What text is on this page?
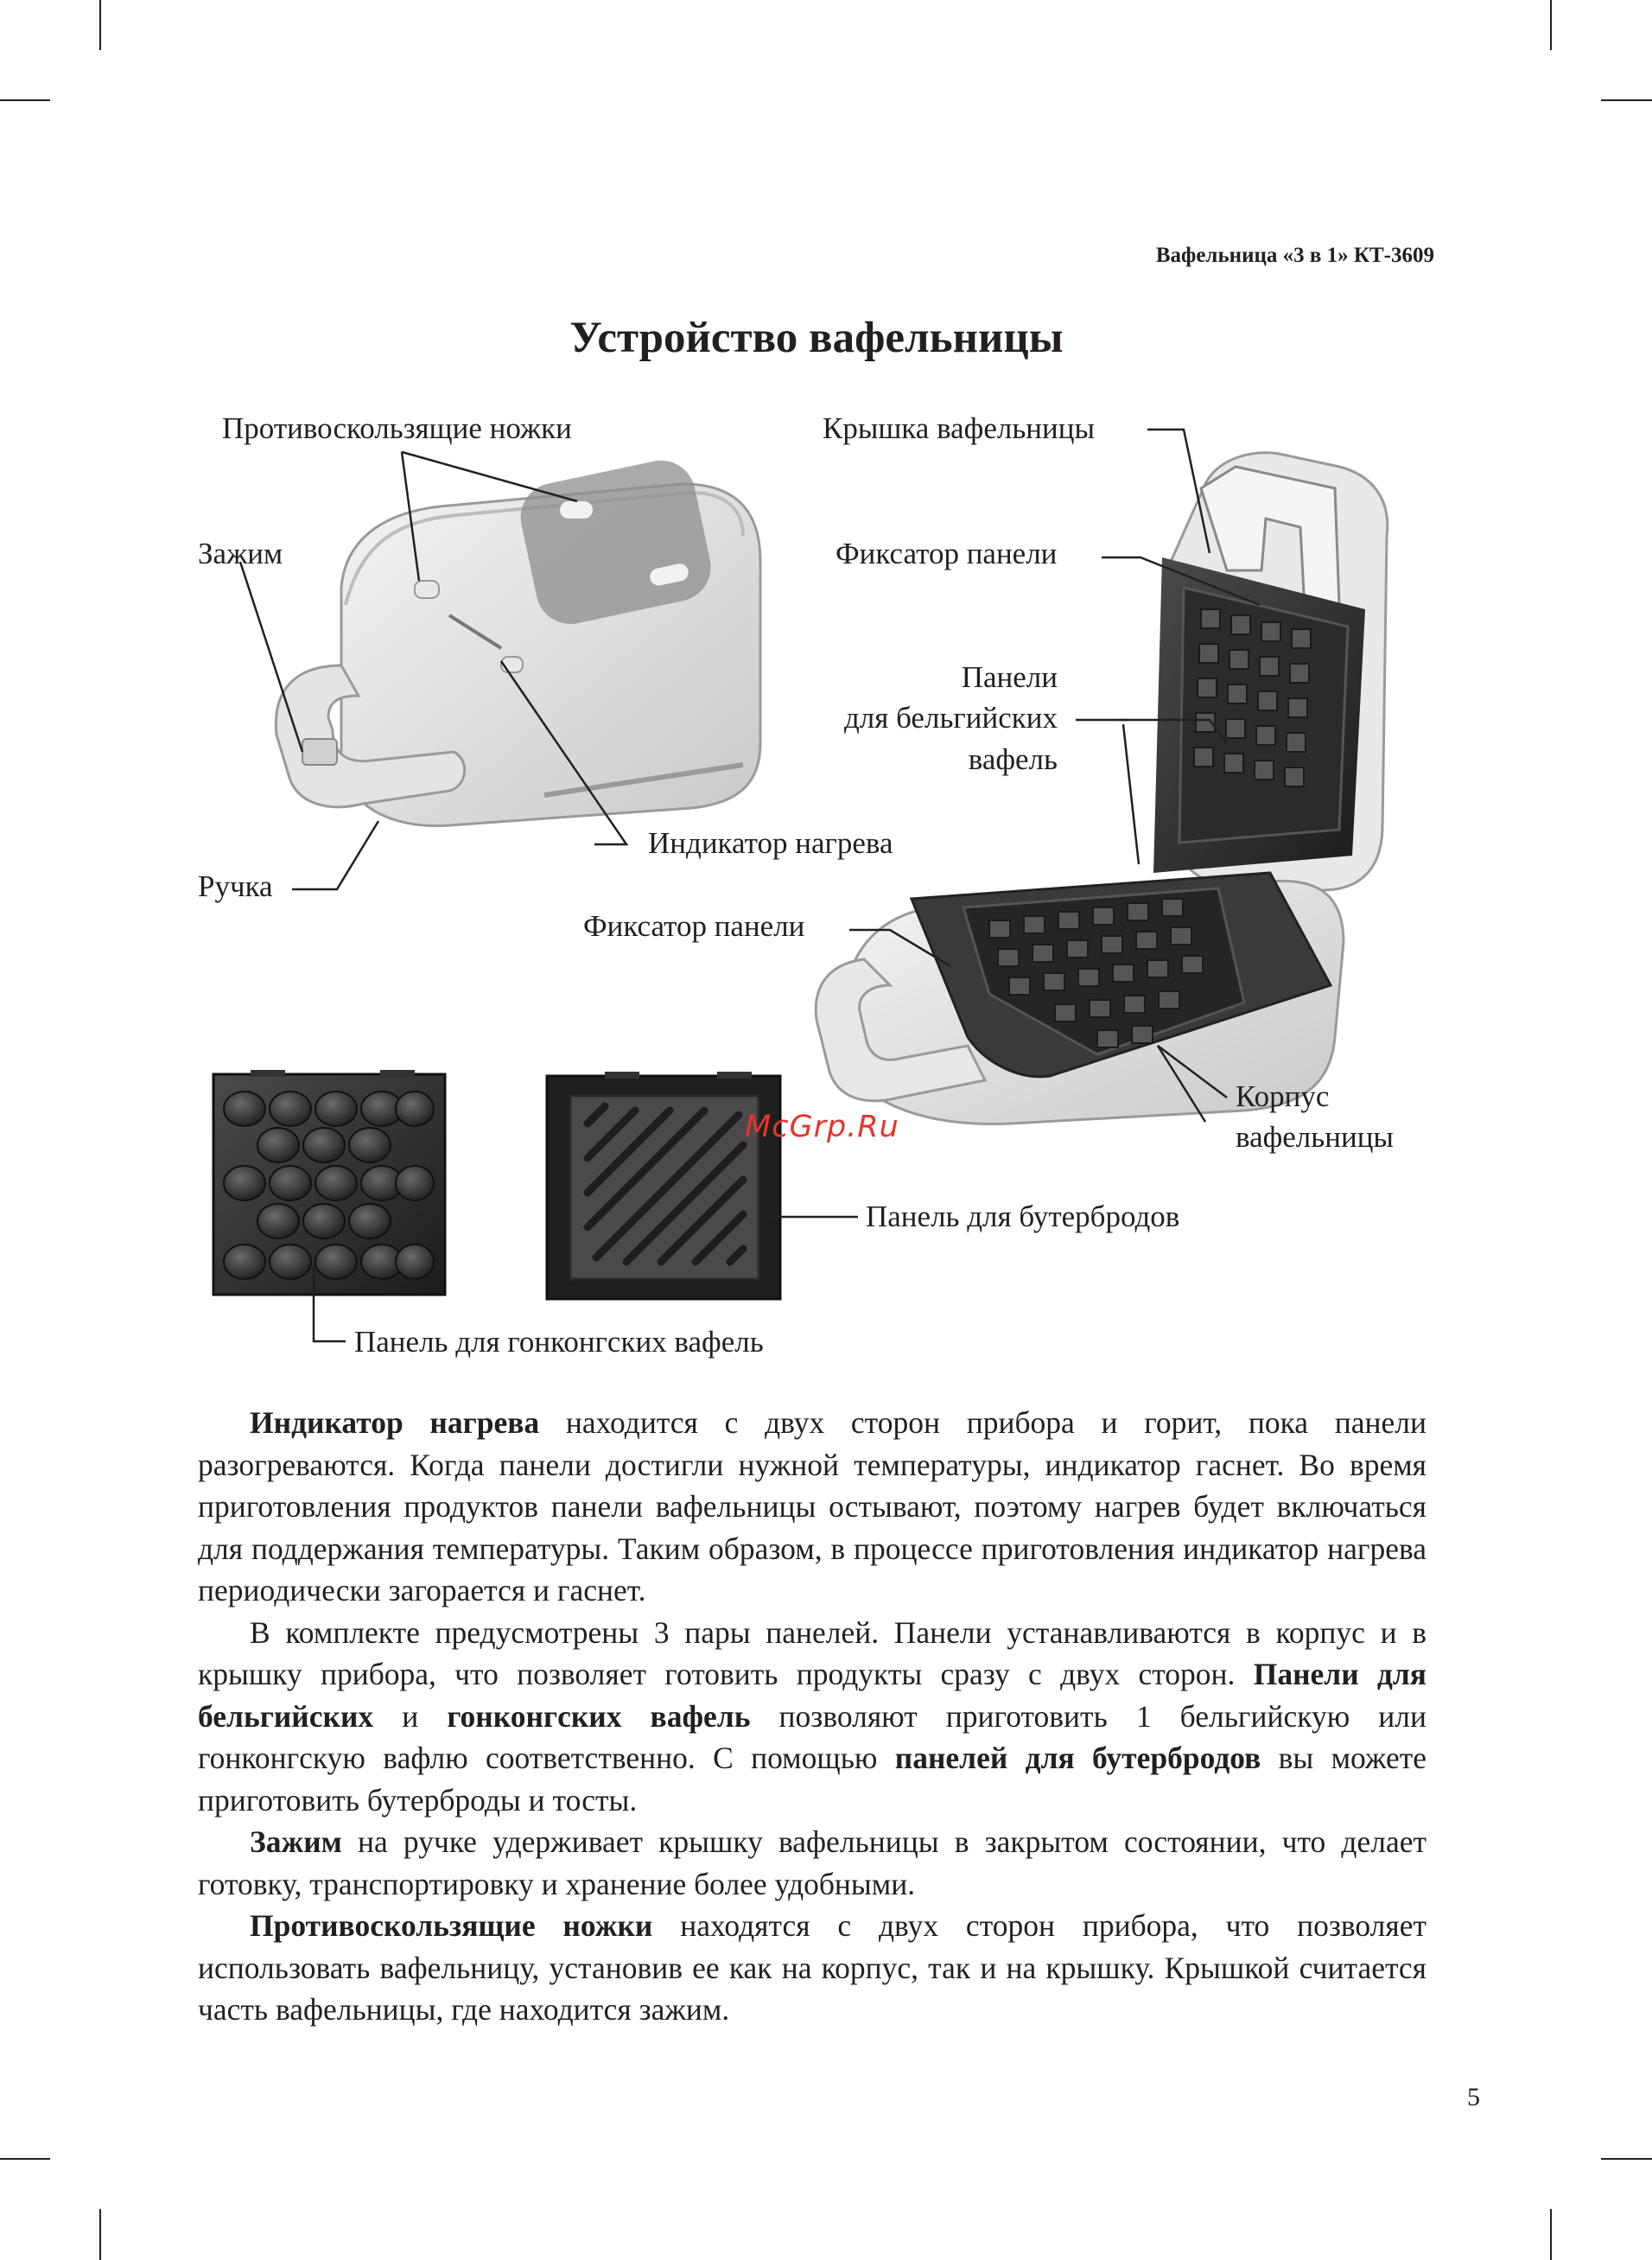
Вафельница «3 в 1» КТ-3609
Устройство вафельницы
Противоскользящие ножки
Зажим
Ручка
Индикатор нагрева
Крышка вафельницы
Фиксатор панели
Панели
для бельгийских
вафель
Фиксатор панели
Корпус
вафельницы
Панель для бутербродов
Панель для гонконгских вафель
McGrp.Ru

Индикатор нагрева находится с двух сторон прибора и горит, пока панели разогреваются. Когда панели достигли нужной температуры, индикатор гаснет. Во время приготовления продуктов панели вафельницы остывают, поэтому нагрев будет включаться для поддержания температуры. Таким образом, в процессе приготовления индикатор нагрева периодически загорается и гаснет.

В комплекте предусмотрены 3 пары панелей. Панели устанавливаются в корпус и в крышку прибора, что позволяет готовить продукты сразу с двух сторон. Панели для бельгийских и гонконгских вафель позволяют приготовить 1 бельгийскую или гонконгскую вафлю соответственно. С помощью панелей для бутербродов вы можете приготовить бутерброды и тосты.

Зажим на ручке удерживает крышку вафельницы в закрытом состоянии, что делает готовку, транспортировку и хранение более удобными.

Противоскользящие ножки находятся с двух сторон прибора, что позволяет использовать вафельницу, установив ее как на корпус, так и на крышку. Крышкой считается часть вафельницы, где находится зажим.

5
